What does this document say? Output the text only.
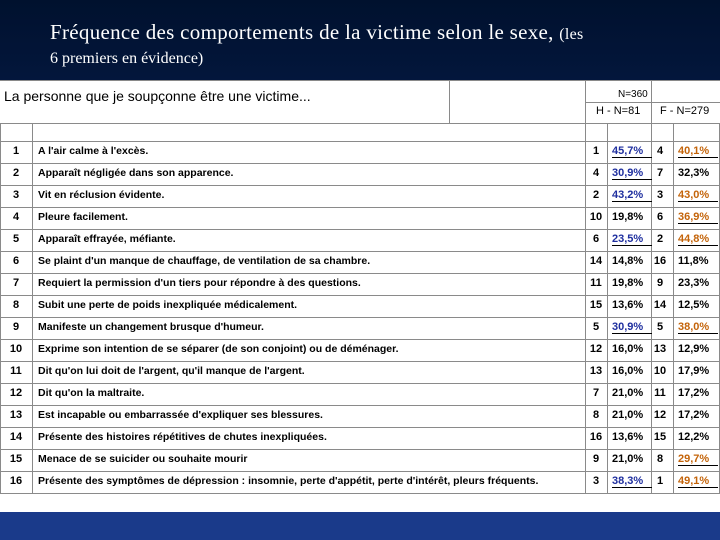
Fréquence des comportements de la victime selon le sexe, (les
6 premiers en évidence)
La personne que je soupçonne être une victime...	N=360
H - N=81 F - N=279
1	A l'air calme à l'excès.	1	45,7%	4	40,1%
2	Apparaît négligée dans son apparence.	4	30,9%	7	32,3%
3	Vit en réclusion évidente.	2	43,2%	3	43,0%
4	Pleure facilement.	10 19,8%	6	36,9%
5	Apparaît effrayée, méfiante.	6	23,5%	2	44,8%
6	Se plaint d'un manque de chauffage, de ventilation de sa chambre.	14 14,8% 16 11,8%
7	Requiert la permission d'un tiers pour répondre à des questions.	11 19,8%	9	23,3%
8	Subit une perte de poids inexpliquée médicalement.	15 13,6% 14 12,5%
9	Manifeste un changement brusque d'humeur.	5	30,9%	5	38,0%
10	Exprime son intention de se séparer (de son conjoint) ou de déménager.	12 16,0% 13 12,9%
11	Dit qu'on lui doit de l'argent, qu'il manque de l'argent.	13 16,0% 10 17,9%
12	Dit qu'on la maltraite.	7	21,0% 11 17,2%
13	Est incapable ou embarrassée d'expliquer ses blessures.	8	21,0% 12 17,2%
14	Présente des histoires répétitives de chutes inexpliquées.	16 13,6% 15 12,2%
15	Menace de se suicider ou souhaite mourir	9	21,0%	8	29,7%
16	Présente des symptômes de dépression : insomnie, perte d'appétit, perte d'intérêt, pleurs fréquents.	3	38,3%	1	49,1%
